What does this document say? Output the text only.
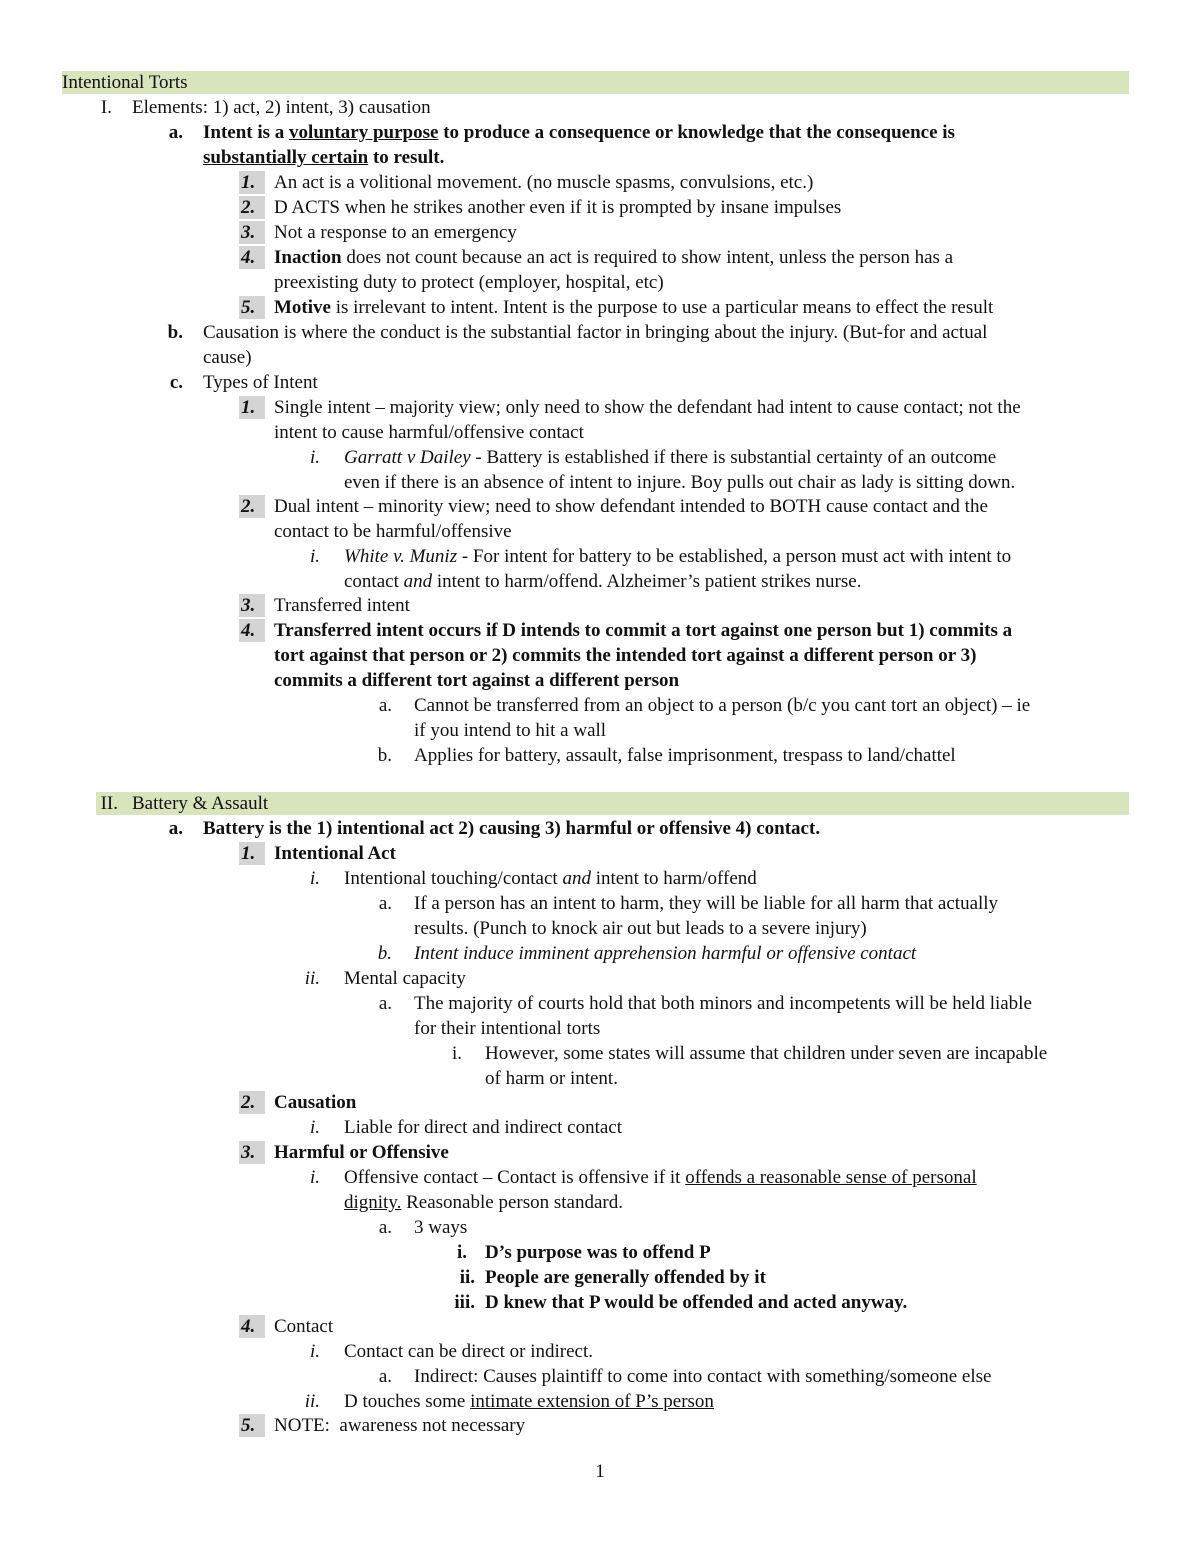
Intentional Torts
I. Elements: 1) act, 2) intent, 3) causation
a. Intent is a voluntary purpose to produce a consequence or knowledge that the consequence is
substantially certain to result.
1. An act is a volitional movement. (no muscle spasms, convulsions, etc.)
2. D ACTS when he strikes another even if it is prompted by insane impulses
3. Not a response to an emergency
4. Inaction does not count because an act is required to show intent, unless the person has a
preexisting duty to protect (employer, hospital, etc)
5. Motive is irrelevant to intent. Intent is the purpose to use a particular means to effect the result
b. Causation is where the conduct is the substantial factor in bringing about the injury. (But-for and actual
cause)
c. Types of Intent
1. Single intent – majority view; only need to show the defendant had intent to cause contact; not the
intent to cause harmful/offensive contact
i. Garratt v Dailey - Battery is established if there is substantial certainty of an outcome
even if there is an absence of intent to injure. Boy pulls out chair as lady is sitting down.
2. Dual intent – minority view; need to show defendant intended to BOTH cause contact and the
contact to be harmful/offensive
i. White v. Muniz - For intent for battery to be established, a person must act with intent to
contact and intent to harm/offend. Alzheimer’s patient strikes nurse.
3. Transferred intent
4. Transferred intent occurs if D intends to commit a tort against one person but 1) commits a
tort against that person or 2) commits the intended tort against a different person or 3)
commits a different tort against a different person
a. Cannot be transferred from an object to a person (b/c you cant tort an object) – ie
if you intend to hit a wall
b. Applies for battery, assault, false imprisonment, trespass to land/chattel
II. Battery & Assault
a. Battery is the 1) intentional act 2) causing 3) harmful or offensive 4) contact.
1. Intentional Act
i. Intentional touching/contact and intent to harm/offend
a. If a person has an intent to harm, they will be liable for all harm that actually
results. (Punch to knock air out but leads to a severe injury)
b. Intent induce imminent apprehension harmful or offensive contact
ii. Mental capacity
a. The majority of courts hold that both minors and incompetents will be held liable
for their intentional torts
i. However, some states will assume that children under seven are incapable
of harm or intent.
2. Causation
i. Liable for direct and indirect contact
3. Harmful or Offensive
i. Offensive contact – Contact is offensive if it offends a reasonable sense of personal
dignity. Reasonable person standard.
a. 3 ways
i. D’s purpose was to offend P
ii. People are generally offended by it
iii. D knew that P would be offended and acted anyway.
4. Contact
i. Contact can be direct or indirect.
a. Indirect: Causes plaintiff to come into contact with something/someone else
ii. D touches some intimate extension of P’s person
5. NOTE:  awareness not necessary
1
